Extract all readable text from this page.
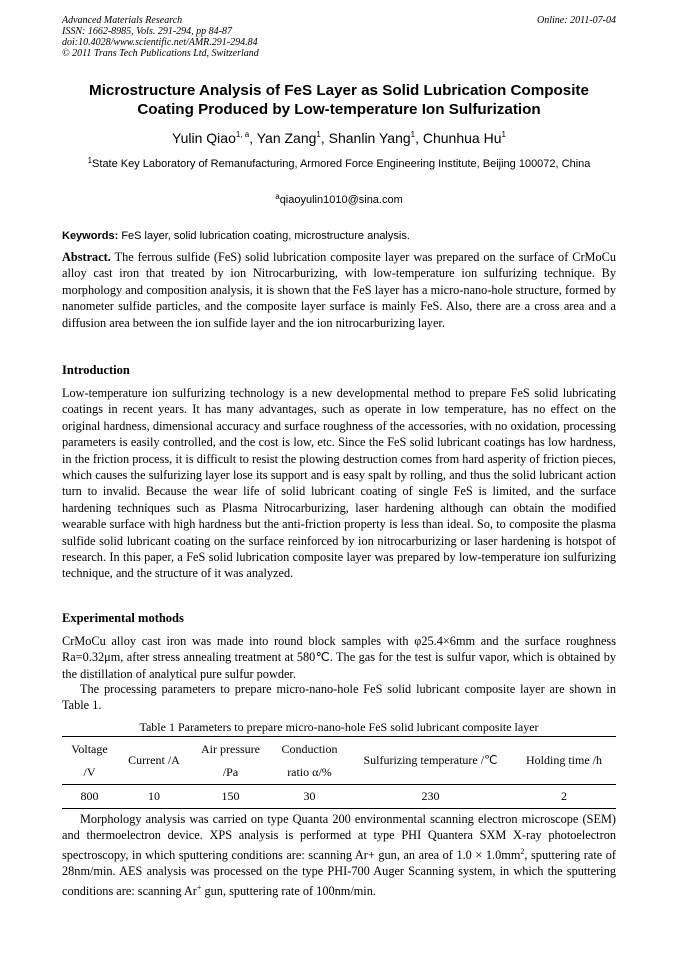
Advanced Materials Research
ISSN: 1662-8985, Vols. 291-294, pp 84-87
doi:10.4028/www.scientific.net/AMR.291-294.84
© 2011 Trans Tech Publications Ltd, Switzerland
Online: 2011-07-04
Microstructure Analysis of FeS Layer as Solid Lubrication Composite Coating Produced by Low-temperature Ion Sulfurization
Yulin Qiao$^{1, a}$, Yan Zang$^1$, Shanlin Yang$^1$, Chunhua Hu$^1$
$^1$State Key Laboratory of Remanufacturing, Armored Force Engineering Institute, Beijing 100072, China
$^a$qiaoyulin1010@sina.com
Keywords: FeS layer, solid lubrication coating, microstructure analysis.
Abstract. The ferrous sulfide (FeS) solid lubrication composite layer was prepared on the surface of CrMoCu alloy cast iron that treated by ion Nitrocarburizing, with low-temperature ion sulfurizing technique. By morphology and composition analysis, it is shown that the FeS layer has a micro-nano-hole structure, formed by nanometer sulfide particles, and the composite layer surface is mainly FeS. Also, there are a cross area and a diffusion area between the ion sulfide layer and the ion nitrocarburizing layer.
Introduction
Low-temperature ion sulfurizing technology is a new developmental method to prepare FeS solid lubricating coatings in recent years. It has many advantages, such as operate in low temperature, has no effect on the original hardness, dimensional accuracy and surface roughness of the accessories, with no oxidation, processing parameters is easily controlled, and the cost is low, etc. Since the FeS solid lubricant coatings has low hardness, in the friction process, it is difficult to resist the plowing destruction comes from hard asperity of friction pieces, which causes the sulfurizing layer lose its support and is easy spalt by rolling, and thus the solid lubricant action turn to invalid. Because the wear life of solid lubricant coating of single FeS is limited, and the surface hardening techniques such as Plasma Nitrocarburizing, laser hardening although can obtain the modified wearable surface with high hardness but the anti-friction property is less than ideal. So, to composite the plasma sulfide solid lubricant coating on the surface reinforced by ion nitrocarburizing or laser hardening is hotspot of research. In this paper, a FeS solid lubrication composite layer was prepared by low-temperature ion sulfurizing technique, and the structure of it was analyzed.
Experimental mothods
CrMoCu alloy cast iron was made into round block samples with φ25.4×6mm and the surface roughness Ra=0.32μm, after stress annealing treatment at 580℃. The gas for the test is sulfur vapor, which is obtained by the distillation of analytical pure sulfur powder.
The processing parameters to prepare micro-nano-hole FeS solid lubricant composite layer are shown in Table 1.
Table 1 Parameters to prepare micro-nano-hole FeS solid lubricant composite layer
Voltage	Current /A	Air pressure	Conduction	Sulfurizing temperature /℃	Holding time /h
/V		/Pa	ratio α/%		
800	10	150	30	230	2
Morphology analysis was carried on type Quanta 200 environmental scanning electron microscope (SEM) and thermoelectron device. XPS analysis is performed at type PHI Quantera SXM X-ray photoelectron spectroscopy, in which sputtering conditions are: scanning Ar+ gun, an area of $1.0 \times 1.0mm^2$, sputtering rate of 28nm/min. AES analysis was processed on the type PHI-700 Auger Scanning system, in which the sputtering conditions are: scanning Ar+ gun, sputtering rate of 100nm/min.
